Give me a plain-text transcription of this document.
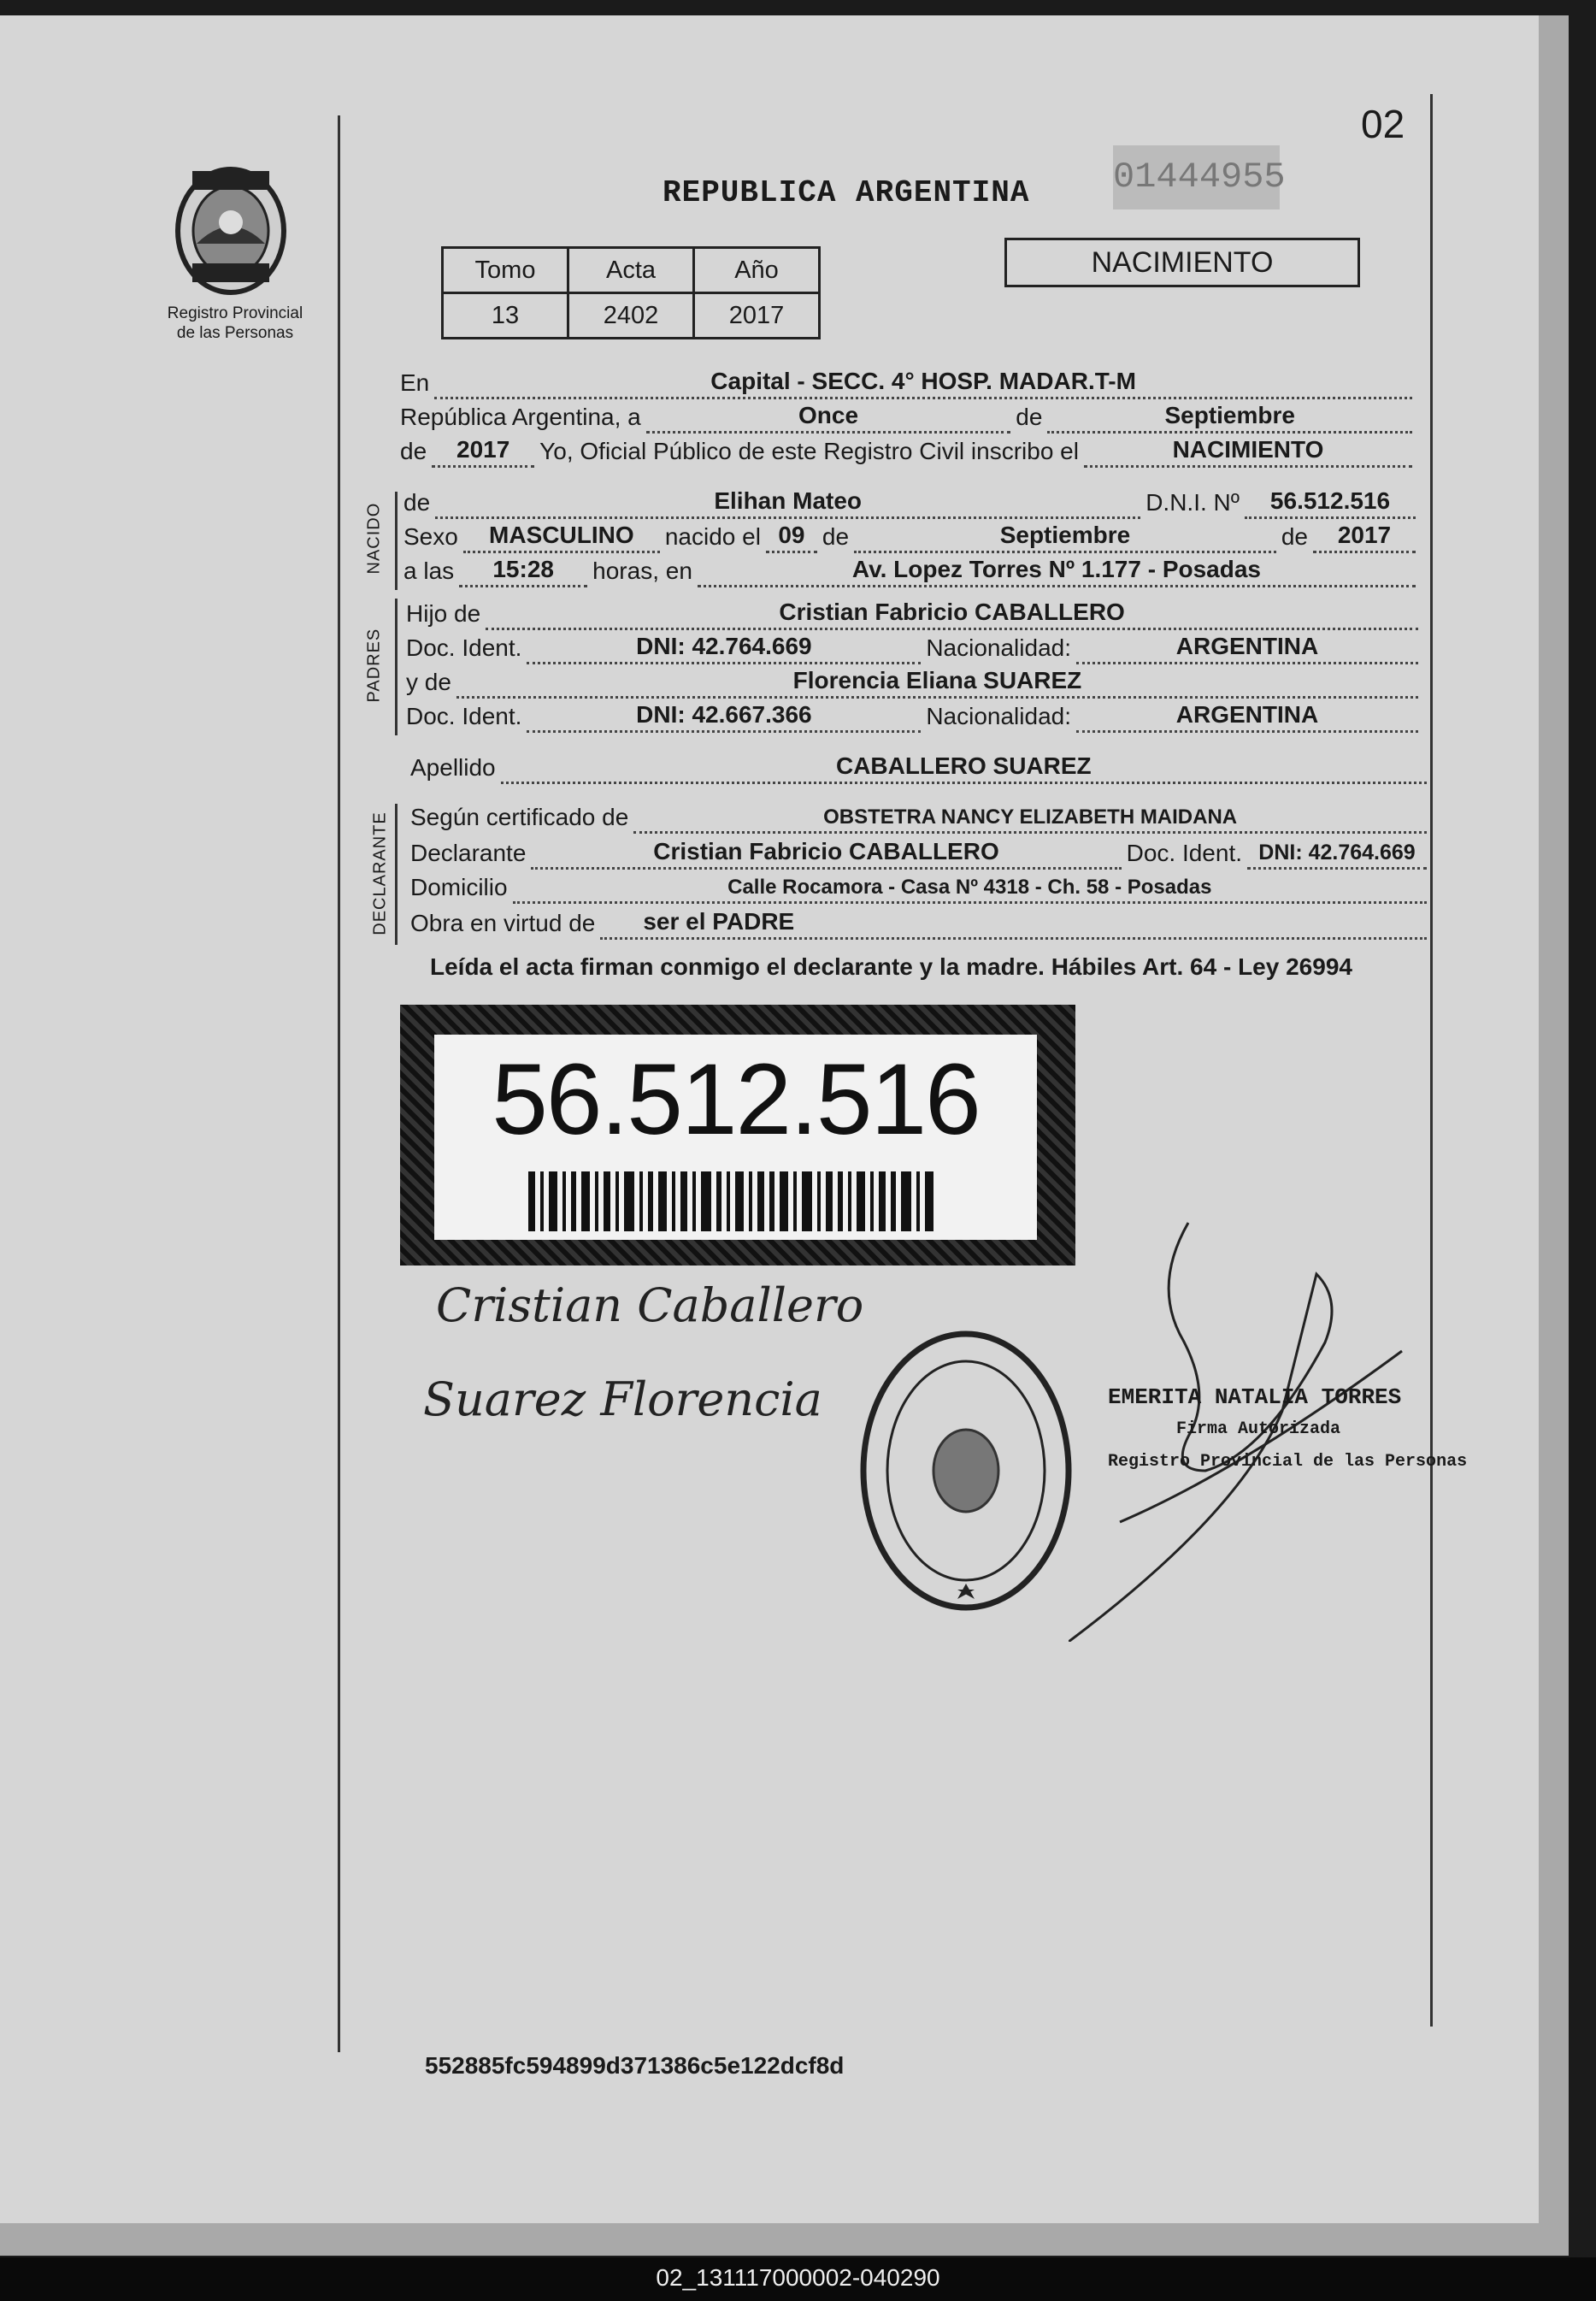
02
Registro Provincial
de las Personas
REPUBLICA ARGENTINA 01444955
Tomo	Acta	Año
13	2402	2017
NACIMIENTO
En	Capital - SECC. 4° HOSP. MADAR.T-M
República Argentina, a	Once	de	Septiembre
de	2017	Yo, Oficial Público de este Registro Civil inscribo el	NACIMIENTO
NACIDO
de	Elihan Mateo	D.N.I. Nº	56.512.516
Sexo	MASCULINO	nacido el 09 de	Septiembre	de	2017
a las	15:28	horas, en	Av. Lopez Torres Nº 1.177 - Posadas
PADRES
Hijo de	Cristian Fabricio CABALLERO
Doc. Ident.	DNI: 42.764.669	Nacionalidad:	ARGENTINA
y de	Florencia Eliana SUAREZ
Doc. Ident.	DNI: 42.667.366	Nacionalidad:	ARGENTINA
Apellido	CABALLERO SUAREZ
DECLARANTE Según certificado de	OBSTETRA NANCY ELIZABETH MAIDANA
Declarante	Cristian Fabricio CABALLERO	Doc. Ident. DNI: 42.764.669
Domicilio	Calle Rocamora - Casa Nº 4318 - Ch. 58 - Posadas
Obra en virtud de	ser el PADRE
Leída el acta firman conmigo el declarante y la madre. Hábiles Art. 64 - Ley 26994
56.512.516
Cristian Caballero
Suarez Florencia	EMERITA NATALIA TORRES
Firma Autorizada
Registro Provincial de las Personas
552885fc594899d371386c5e122dcf8d
02_131117000002-040290
